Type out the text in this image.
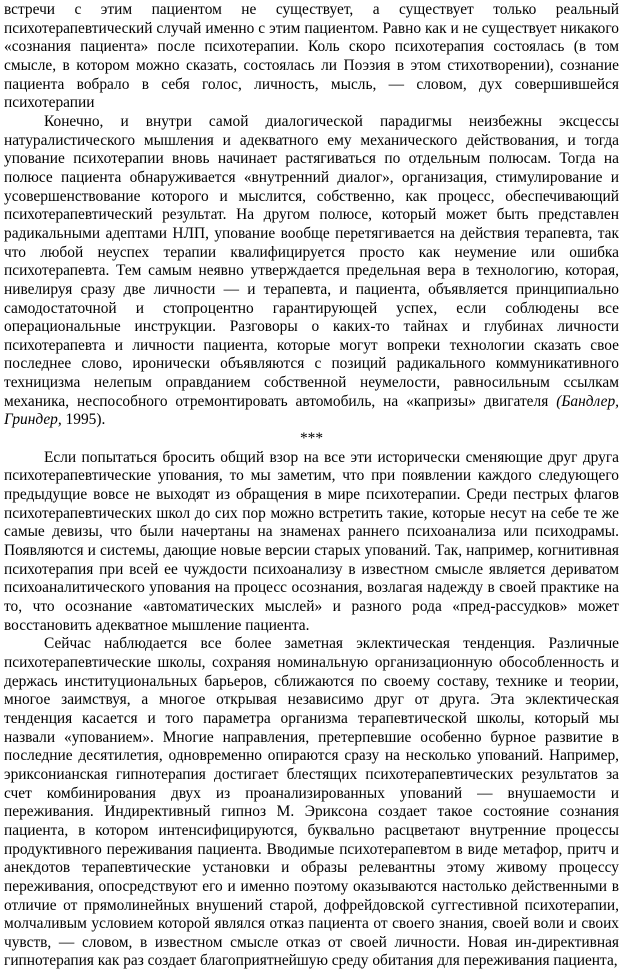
встречи с этим пациентом не существует, а существует только реальный психотерапевтический случай именно с этим пациентом. Равно как и не существует никакого «сознания пациента» после психотерапии. Коль скоро психотерапия состоялась (в том смысле, в котором можно сказать, состоялась ли Поэзия в этом стихотворении), сознание пациента вобрало в себя голос, личность, мысль, — словом, дух совершившейся психотерапии

Конечно, и внутри самой диалогической парадигмы неизбежны эксцессы натуралистического мышления и адекватного ему механического действования, и тогда упование психотерапии вновь начинает растягиваться по отдельным полюсам. Тогда на полюсе пациента обнаруживается «внутренний диалог», организация, стимулирование и усовершенствование которого и мыслится, собственно, как процесс, обеспечивающий психотерапевтический результат. На другом полюсе, который может быть представлен радикальными адептами НЛП, упование вообще перетягивается на действия терапевта, так что любой неуспех терапии квалифицируется просто как неумение или ошибка психотерапевта. Тем самым неявно утверждается предельная вера в технологию, которая, нивелируя сразу две личности — и терапевта, и пациента, объявляется принципиально самодостаточной и стопроцентно гарантирующей успех, если соблюдены все операциональные инструкции. Разговоры о каких-то тайнах и глубинах личности психотерапевта и личности пациента, которые могут вопреки технологии сказать свое последнее слово, иронически объявляются с позиций радикального коммуникативного техницизма нелепым оправданием собственной неумелости, равносильным ссылкам механика, неспособного отремонтировать автомобиль, на «капризы» двигателя (Бандлер, Гриндер, 1995).

***

Если попытаться бросить общий взор на все эти исторически сменяющие друг друга психотерапевтические упования, то мы заметим, что при появлении каждого следующего предыдущие вовсе не выходят из обращения в мире психотерапии. Среди пестрых флагов психотерапевтических школ до сих пор можно встретить такие, которые несут на себе те же самые девизы, что были начертаны на знаменах раннего психоанализа или психодрамы. Появляются и системы, дающие новые версии старых упований. Так, например, когнитивная психотерапия при всей ее чуждости психоанализу в известном смысле является дериватом психоаналитического упования на процесс осознания, возлагая надежду в своей практике на то, что осознание «автоматических мыслей» и разного рода «пред-рассудков» может восстановить адекватное мышление пациента.

Сейчас наблюдается все более заметная эклектическая тенденция. Различные психотерапевтические школы, сохраняя номинальную организационную обособленность и держась институциональных барьеров, сближаются по своему составу, технике и теории, многое заимствуя, а многое открывая независимо друг от друга. Эта эклектическая тенденция касается и того параметра организма терапевтической школы, который мы назвали «упованием». Многие направления, претерпевшие особенно бурное развитие в последние десятилетия, одновременно опираются сразу на несколько упований. Например, эриксонианская гипнотерапия достигает блестящих психотерапевтических результатов за счет комбинирования двух из проанализированных упований — внушаемости и переживания. Индирективный гипноз М. Эриксона создает такое состояние сознания пациента, в котором интенсифицируются, буквально расцветают внутренние процессы продуктивного переживания пациента. Вводимые психотерапевтом в виде метафор, притч и анекдотов терапевтические установки и образы релевантны этому живому процессу переживания, опосредствуют его и именно поэтому оказываются настолько действенными в отличие от прямолинейных внушений старой, дофрейдовской суггестивной психотерапии, молчаливым условием которой являлся отказ пациента от своего знания, своей воли и своих чувств, — словом, в известном смысле отказ от своей личности. Новая ин-директивная гипнотерапия как раз создает благоприятнейшую среду обитания для переживания пациента,
